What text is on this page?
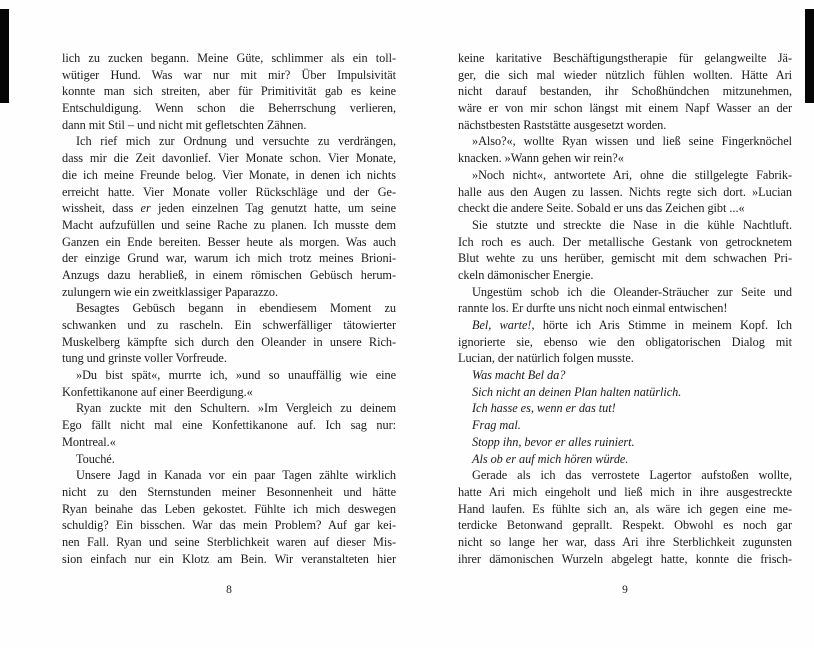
lich zu zucken begann. Meine Güte, schlimmer als ein toll-
wütiger Hund. Was war nur mit mir? Über Impulsivität
konnte man sich streiten, aber für Primitivität gab es keine
Entschuldigung. Wenn schon die Beherrschung verlieren,
dann mit Stil – und nicht mit gefletschten Zähnen.
Ich rief mich zur Ordnung und versuchte zu verdrängen,
dass mir die Zeit davonlief. Vier Monate schon. Vier Monate,
die ich meine Freunde belog. Vier Monate, in denen ich nichts
erreicht hatte. Vier Monate voller Rückschläge und der Ge-
wissheit, dass er jeden einzelnen Tag genutzt hatte, um seine
Macht aufzufüllen und seine Rache zu planen. Ich musste dem
Ganzen ein Ende bereiten. Besser heute als morgen. Was auch
der einzige Grund war, warum ich mich trotz meines Brioni-
Anzugs dazu herabließ, in einem römischen Gebüsch herum-
zulungern wie ein zweitklassiger Paparazzo.
Besagtes Gebüsch begann in ebendiesem Moment zu
schwanken und zu rascheln. Ein schwerfälliger tätowierter
Muskelberg kämpfte sich durch den Oleander in unsere Rich-
tung und grinste voller Vorfreude.
»Du bist spät«, murrte ich, »und so unauffällig wie eine
Konfettikanone auf einer Beerdigung.«
Ryan zuckte mit den Schultern. »Im Vergleich zu deinem
Ego fällt nicht mal eine Konfettikanone auf. Ich sag nur:
Montreal.«
Touché.
Unsere Jagd in Kanada vor ein paar Tagen zählte wirklich
nicht zu den Sternstunden meiner Besonnenheit und hätte
Ryan beinahe das Leben gekostet. Fühlte ich mich deswegen
schuldig? Ein bisschen. War das mein Problem? Auf gar kei-
nen Fall. Ryan und seine Sterblichkeit waren auf dieser Mis-
sion einfach nur ein Klotz am Bein. Wir veranstalteten hier
8
keine karitative Beschäftigungstherapie für gelangweilte Jä-
ger, die sich mal wieder nützlich fühlen wollten. Hätte Ari
nicht darauf bestanden, ihr Schoßhündchen mitzunehmen,
wäre er von mir schon längst mit einem Napf Wasser an der
nächstbesten Raststätte ausgesetzt worden.
»Also?«, wollte Ryan wissen und ließ seine Fingerknöchel
knacken. »Wann gehen wir rein?«
»Noch nicht«, antwortete Ari, ohne die stillgelegte Fabrik-
halle aus den Augen zu lassen. Nichts regte sich dort. »Lucian
checkt die andere Seite. Sobald er uns das Zeichen gibt ...«
Sie stutzte und streckte die Nase in die kühle Nachtluft.
Ich roch es auch. Der metallische Gestank von getrocknetem
Blut wehte zu uns herüber, gemischt mit dem schwachen Pri-
ckeln dämonischer Energie.
Ungestüm schob ich die Oleander-Sträucher zur Seite und
rannte los. Er durfte uns nicht noch einmal entwischen!
Bel, warte!, hörte ich Aris Stimme in meinem Kopf. Ich
ignorierte sie, ebenso wie den obligatorischen Dialog mit
Lucian, der natürlich folgen musste.
Was macht Bel da?
Sich nicht an deinen Plan halten natürlich.
Ich hasse es, wenn er das tut!
Frag mal.
Stopp ihn, bevor er alles ruiniert.
Als ob er auf mich hören würde.
Gerade als ich das verrostete Lagertor aufstoßen wollte,
hatte Ari mich eingeholt und ließ mich in ihre ausgestreckte
Hand laufen. Es fühlte sich an, als wäre ich gegen eine me-
terdicke Betonwand geprallt. Respekt. Obwohl es noch gar
nicht so lange her war, dass Ari ihre Sterblichkeit zugunsten
ihrer dämonischen Wurzeln abgelegt hatte, konnte die frisch-
9
